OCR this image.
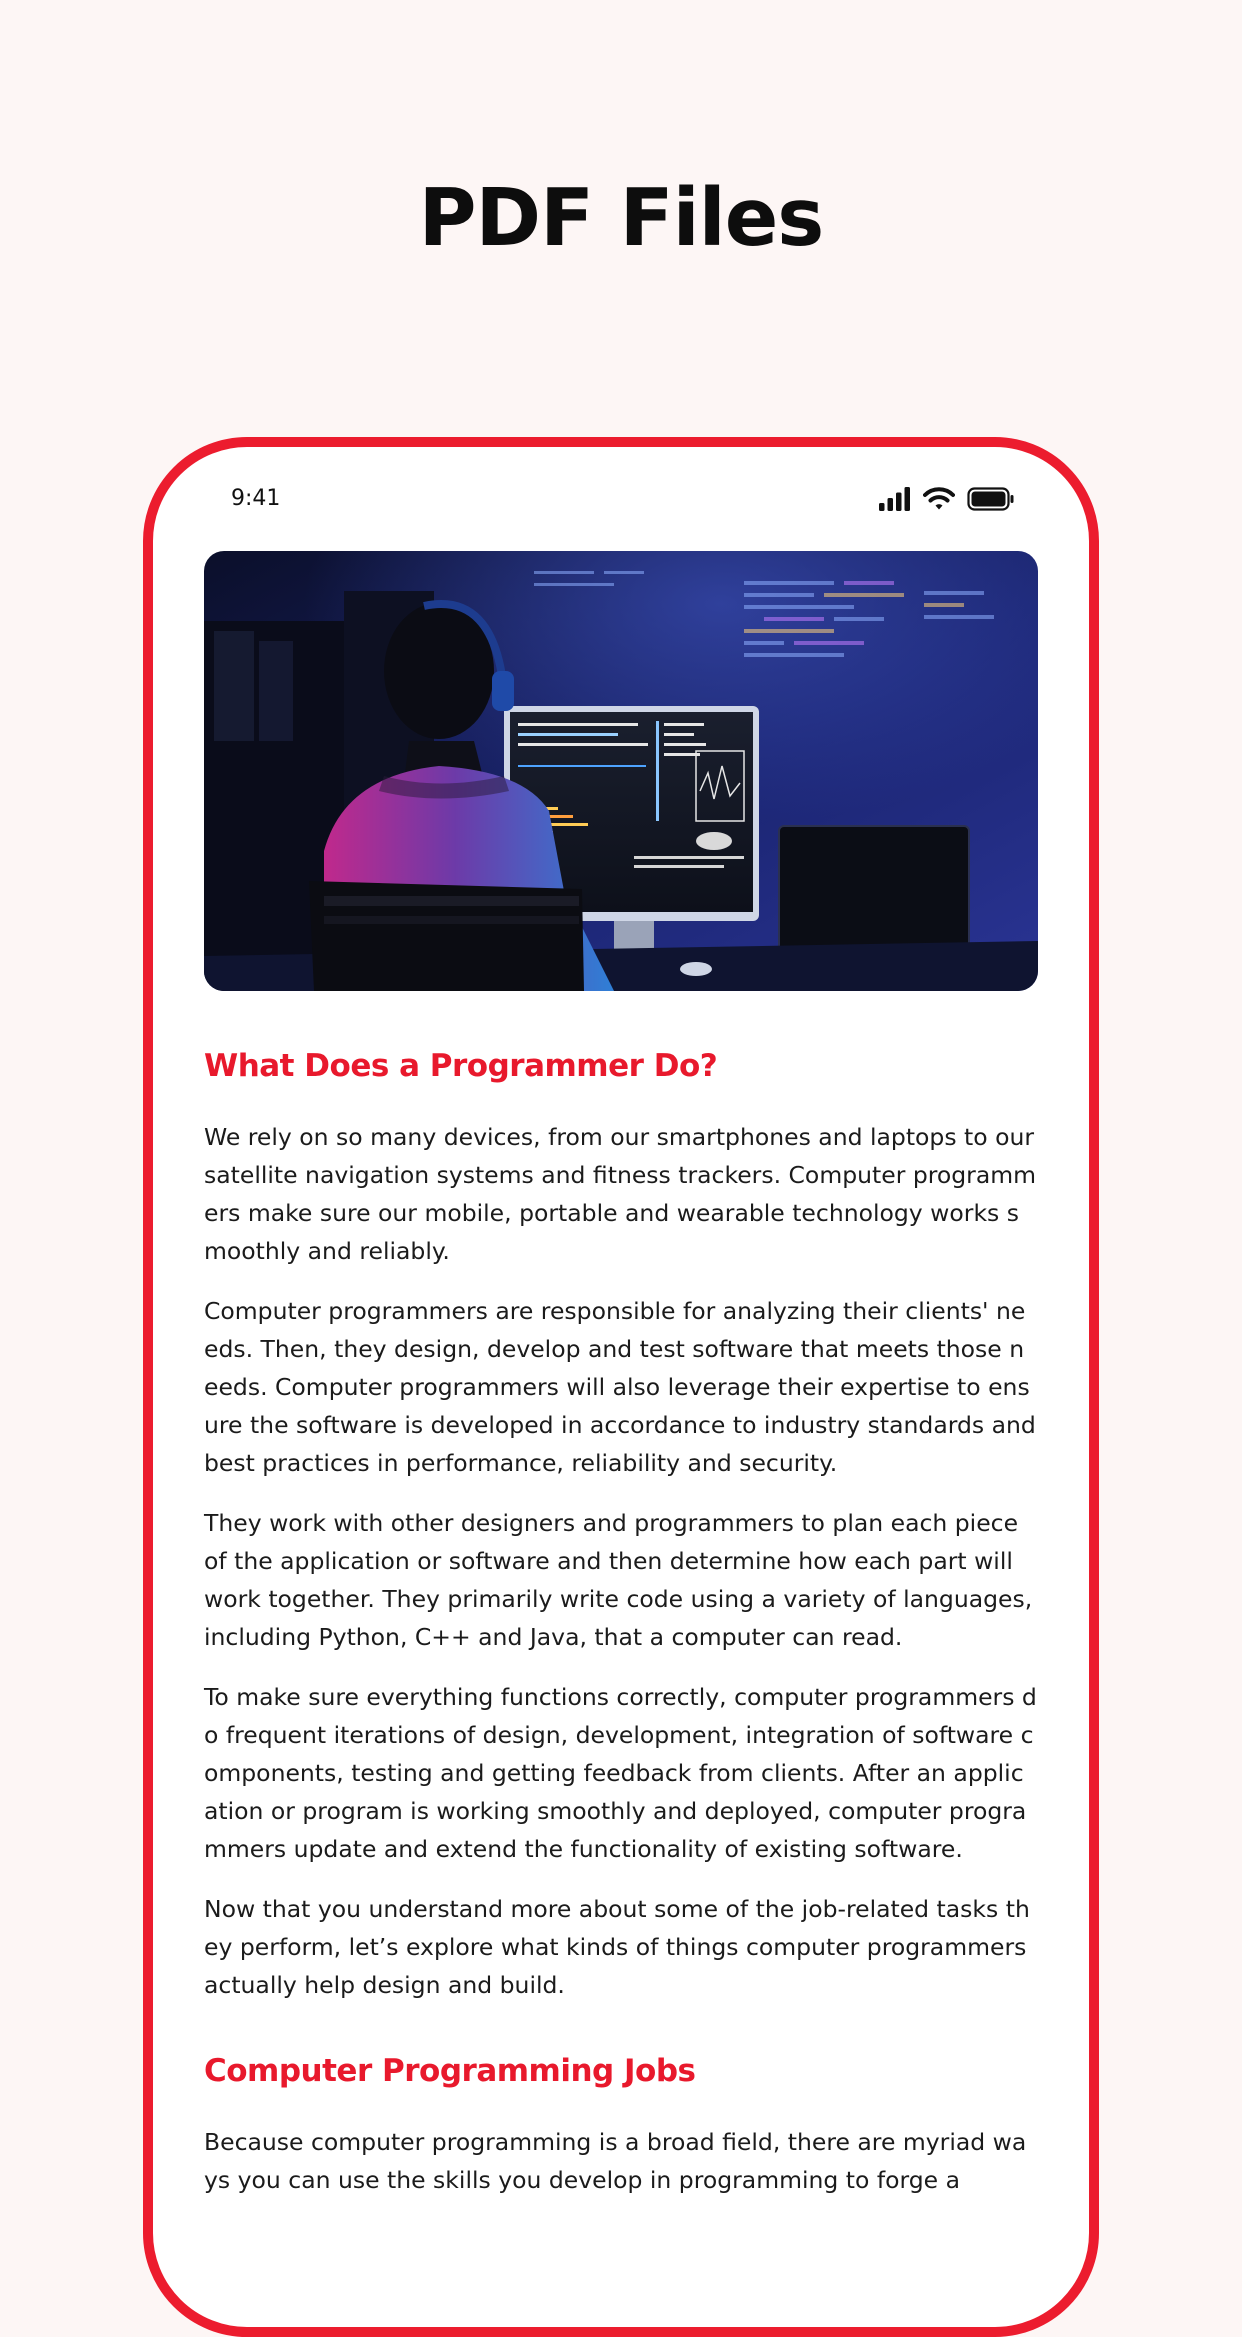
PDF Files
9:41
What Does a Programmer Do?

We rely on so many devices, from our smartphones and laptops to our satellite navigation systems and fitness trackers. Computer programmers make sure our mobile, portable and wearable technology works smoothly and reliably.

Computer programmers are responsible for analyzing their clients' needs. Then, they design, develop and test software that meets those needs. Computer programmers will also leverage their expertise to ensure the software is developed in accordance to industry standards and best practices in performance, reliability and security.

They work with other designers and programmers to plan each piece of the application or software and then determine how each part will work together. They primarily write code using a variety of languages, including Python, C++ and Java, that a computer can read.

To make sure everything functions correctly, computer programmers do frequent iterations of design, development, integration of software components, testing and getting feedback from clients. After an application or program is working smoothly and deployed, computer programmers update and extend the functionality of existing software.

Now that you understand more about some of the job-related tasks they perform, let’s explore what kinds of things computer programmers actually help design and build.

Computer Programming Jobs

Because computer programming is a broad field, there are myriad ways you can use the skills you develop in programming to forge a
